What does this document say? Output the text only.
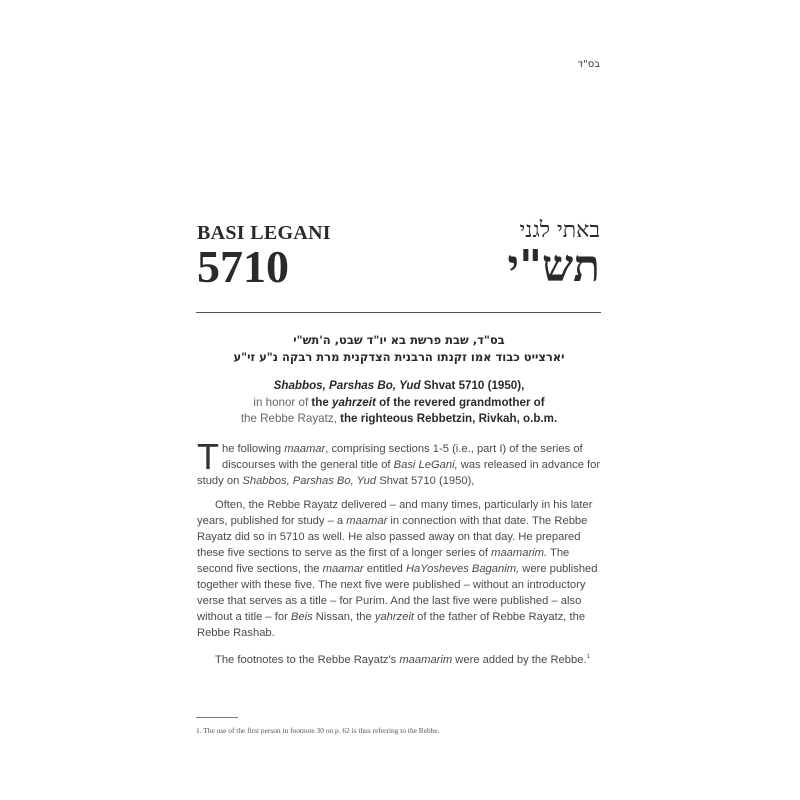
בס"ד
BASI LEGANI
5710
באתי לגני
תש"י
בס"ד, שבת פרשת בא יו"ד שבט, ה'תש"י
יארצייט כבוד אמו זקנתו הרבנית הצדקנית מרת רבקה נ"ע זי"ע
Shabbos, Parshas Bo, Yud Shvat 5710 (1950),
in honor of the yahrzeit of the revered grandmother of
the Rebbe Rayatz, the righteous Rebbetzin, Rivkah, o.b.m.

The following maamar, comprising sections 1-5 (i.e., part I) of the series of discourses with the general title of Basi LeGani, was released in advance for study on Shabbos, Parshas Bo, Yud Shvat 5710 (1950),

Often, the Rebbe Rayatz delivered – and many times, particularly in his later years, published for study – a maamar in connection with that date. The Rebbe Rayatz did so in 5710 as well. He also passed away on that day. He prepared these five sections to serve as the first of a longer series of maamarim. The second five sections, the maamar entitled HaYosheves Baganim, were published together with these five. The next five were published – without an introductory verse that serves as a title – for Purim. And the last five were published – also without a title – for Beis Nissan, the yahrzeit of the father of Rebbe Rayatz, the Rebbe Rashab.

The footnotes to the Rebbe Rayatz's maamarim were added by the Rebbe.$^1$

1. The use of the first person in footnote 30 on p. 62 is thus referring to the Rebbe.
